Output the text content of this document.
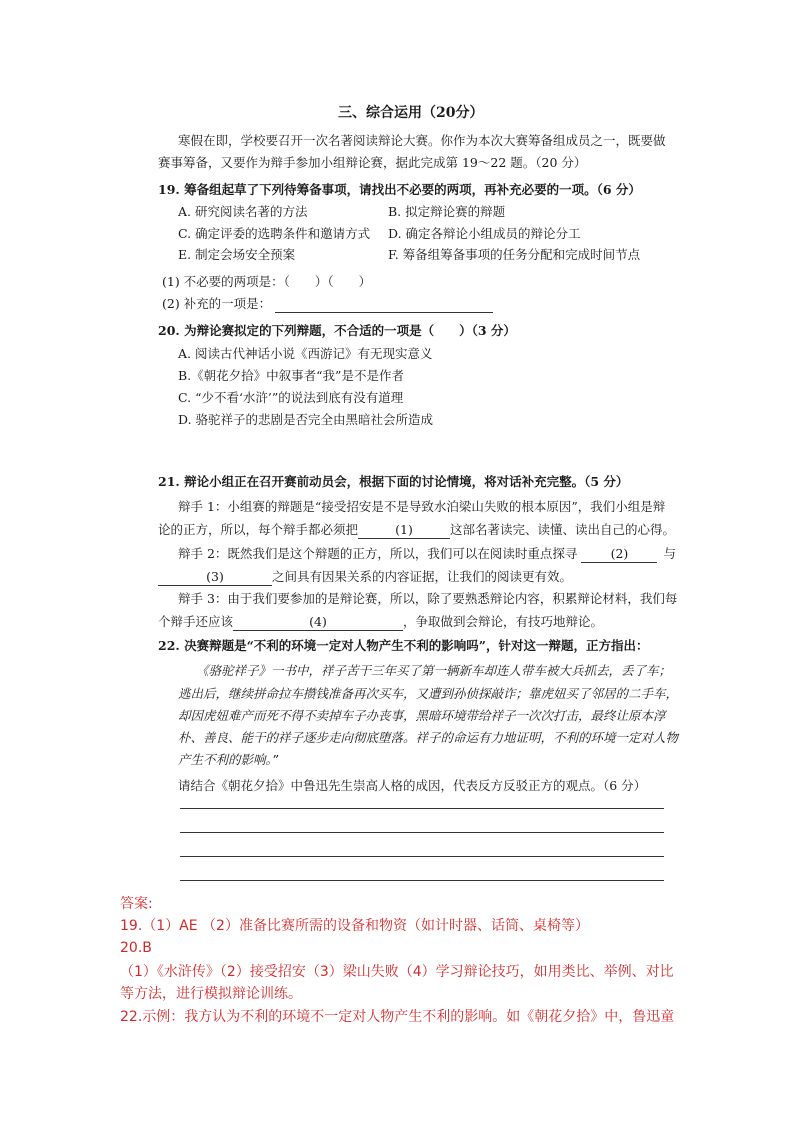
三、综合运用（20分）
寒假在即，学校要召开一次名著阅读辩论大赛。你作为本次大赛筹备组成员之一，既要做
赛事筹备，又要作为辩手参加小组辩论赛，据此完成第 19～22 题。（20 分）
19. 筹备组起草了下列待筹备事项，请找出不必要的两项，再补充必要的一项。（6 分）
A. 研究阅读名著的方法	B. 拟定辩论赛的辩题
C. 确定评委的选聘条件和邀请方式 D. 确定各辩论小组成员的辩论分工
E. 制定会场安全预案	F. 筹备组筹备事项的任务分配和完成时间节点
(1) 不必要的两项是：（　　）（　　）
(2) 补充的一项是：
20. 为辩论赛拟定的下列辩题，不合适的一项是（　　）（3 分）
A. 阅读古代神话小说《西游记》有无现实意义
B.《朝花夕拾》中叙事者“我”是不是作者
C. “少不看‘水浒’”的说法到底有没有道理
D. 骆驼祥子的悲剧是否完全由黑暗社会所造成
21. 辩论小组正在召开赛前动员会，根据下面的讨论情境，将对话补充完整。（5 分）
辩手 1：小组赛的辩题是“接受招安是不是导致水泊梁山失败的根本原因”，我们小组是辩
论的正方，所以，每个辩手都必须把	(1)	这部名著读完、读懂、读出自己的心得。
辩手 2：既然我们是这个辩题的正方，所以，我们可以在阅读时重点探寻	(2)	与
(3)	之间具有因果关系的内容证据，让我们的阅读更有效。
辩手 3：由于我们要参加的是辩论赛，所以，除了要熟悉辩论内容，积累辩论材料，我们每
个辩手还应该	(4)	，争取做到会辩论，有技巧地辩论。
22. 决赛辩题是“不利的环境一定对人物产生不利的影响吗”，针对这一辩题，正方指出：
《骆驼祥子》一书中，祥子苦干三年买了第一辆新车却连人带车被大兵抓去，丢了车；
逃出后，继续拼命拉车攒钱准备再次买车，又遭到孙侦探敲诈；靠虎妞买了邻居的二手车，
却因虎妞难产而死不得不卖掉车子办丧事，黑暗环境带给祥子一次次打击，最终让原本淳
朴、善良、能干的祥子逐步走向彻底堕落。祥子的命运有力地证明，不利的环境一定对人物
产生不利的影响。”
请结合《朝花夕拾》中鲁迅先生崇高人格的成因，代表反方反驳正方的观点。（6 分）
答案:
19.（1）AE （2）准备比赛所需的设备和物资（如计时器、话筒、桌椅等）
20.B
（1）《水浒传》（2）接受招安（3）梁山失败（4）学习辩论技巧，如用类比、举例、对比
等方法，进行模拟辩论训练。
22.示例：我方认为不利的环境不一定对人物产生不利的影响。如《朝花夕拾》中，鲁迅童
